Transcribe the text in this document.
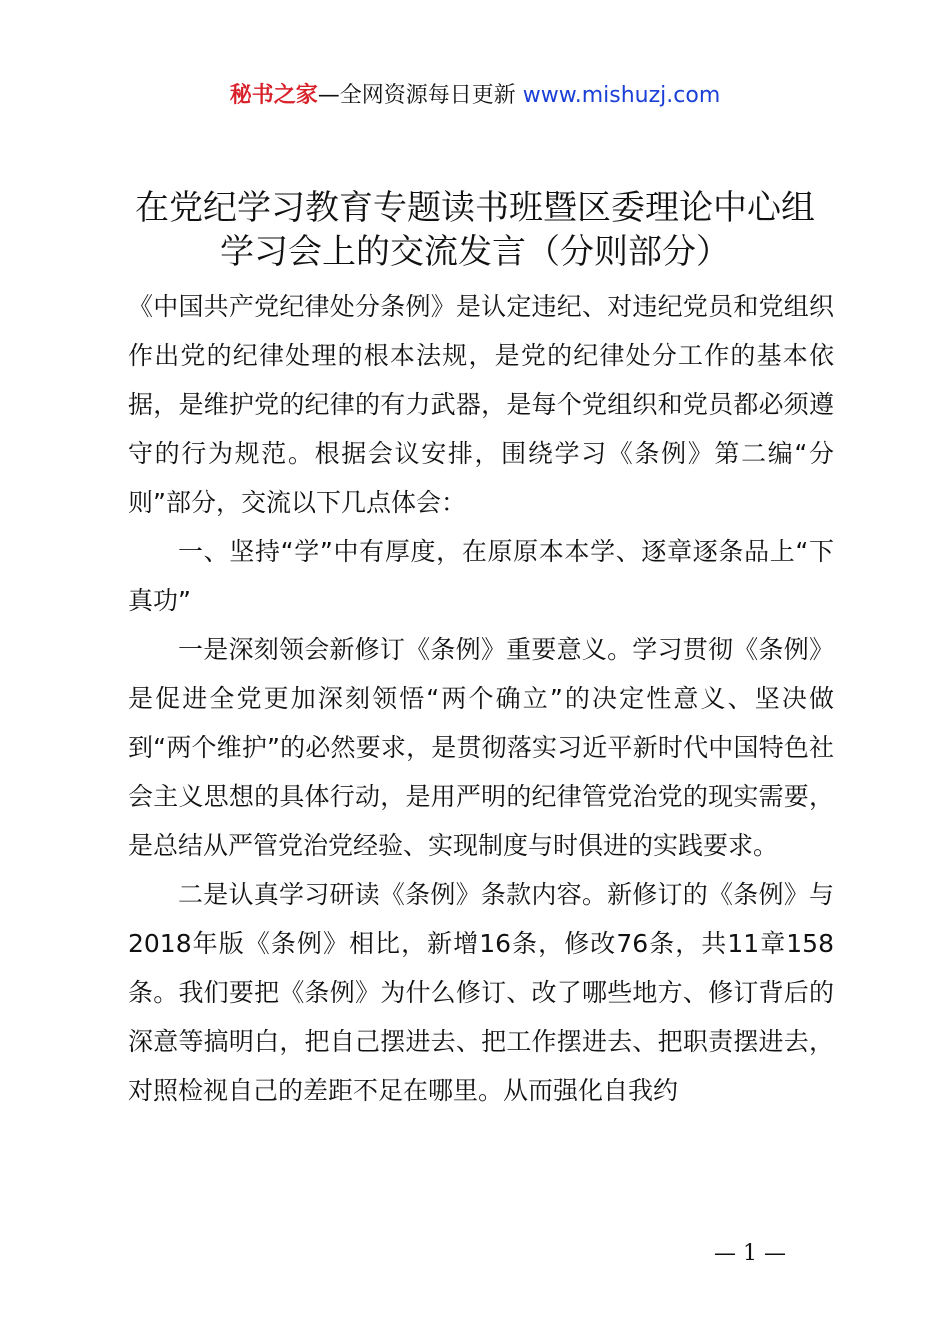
秘书之家—全网资源每日更新 www.mishuzj.com
在党纪学习教育专题读书班暨区委理论中心组
学习会上的交流发言（分则部分）

《中国共产党纪律处分条例》是认定违纪、对违纪党员和党组织作出党的纪律处理的根本法规，是党的纪律处分工作的基本依据，是维护党的纪律的有力武器，是每个党组织和党员都必须遵守的行为规范。根据会议安排，围绕学习《条例》第二编“分则”部分，交流以下几点体会：

一、坚持“学”中有厚度，在原原本本学、逐章逐条品上“下真功”

一是深刻领会新修订《条例》重要意义。学习贯彻《条例》是促进全党更加深刻领悟“两个确立”的决定性意义、坚决做到“两个维护”的必然要求，是贯彻落实习近平新时代中国特色社会主义思想的具体行动，是用严明的纪律管党治党的现实需要，是总结从严管党治党经验、实现制度与时俱进的实践要求。

二是认真学习研读《条例》条款内容。新修订的《条例》与2018年版《条例》相比，新增16条，修改76条，共11章158条。我们要把《条例》为什么修订、改了哪些地方、修订背后的深意等搞明白，把自己摆进去、把工作摆进去、把职责摆进去，对照检视自己的差距不足在哪里。从而强化自我约

— 1 —
